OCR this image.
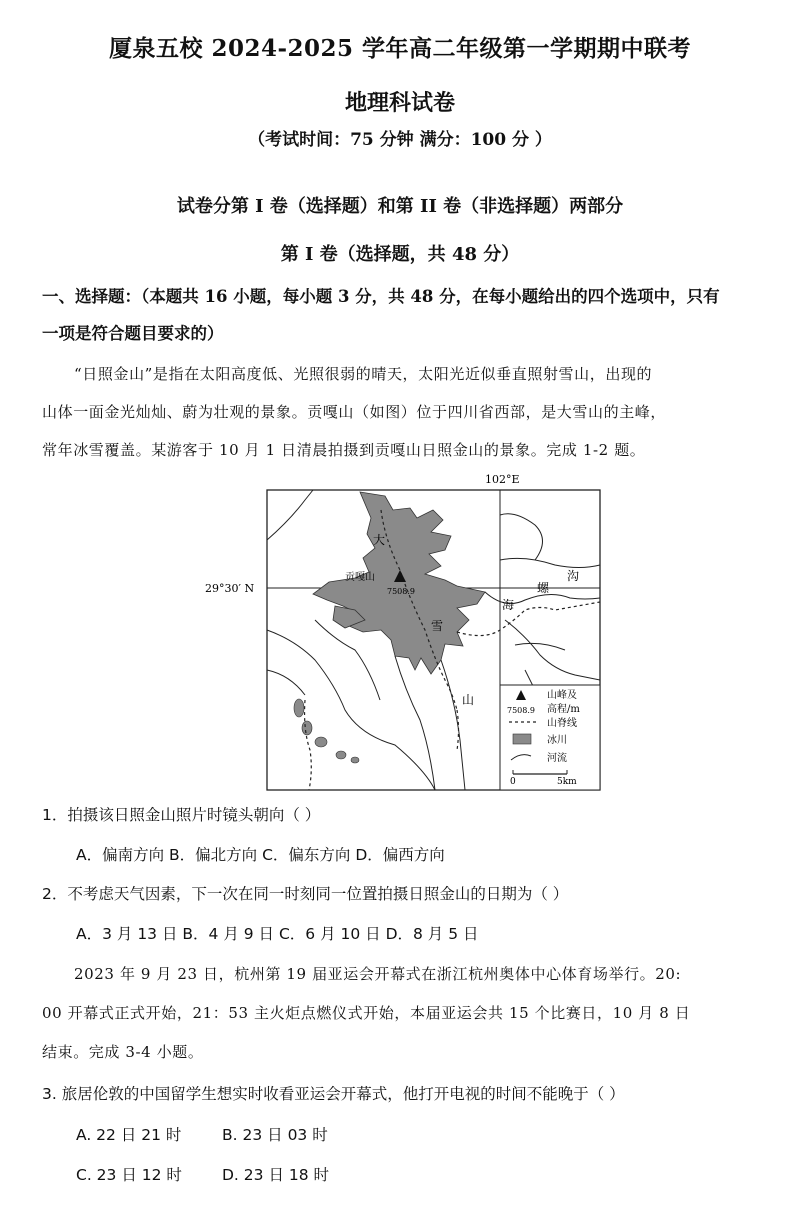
厦泉五校 2024-2025 学年高二年级第一学期期中联考
地理科试卷
（考试时间：75 分钟 满分：100 分 ）
试卷分第 I 卷（选择题）和第 II 卷（非选择题）两部分
第 I 卷（选择题，共 48 分）
一、选择题：（本题共 16 小题，每小题 3 分，共 48 分，在每小题给出的四个选项中，只有
一项是符合题目要求的）
“日照金山”是指在太阳高度低、光照很弱的晴天，太阳光近似垂直照射雪山，出现的
山体一面金光灿灿、蔚为壮观的景象。贡嘎山（如图）位于四川省西部，是大雪山的主峰，
常年冰雪覆盖。某游客于 10 月 1 日清晨拍摄到贡嘎山日照金山的景象。完成 1-2 题。
102°E
29°30′ N
贡嘎山
7508.9
大
雪
山
海
螺
沟
7508.9
山峰及
高程/m
山脊线
冰川
河流
0	5km
1．拍摄该日照金山照片时镜头朝向（ ）
A．偏南方向 B．偏北方向 C．偏东方向 D．偏西方向
2．不考虑天气因素，下一次在同一时刻同一位置拍摄日照金山的日期为（ ）
A．3 月 13 日 B．4 月 9 日 C．6 月 10 日 D．8 月 5 日
2023 年 9 月 23 日，杭州第 19 届亚运会开幕式在浙江杭州奥体中心体育场举行。20:
00 开幕式正式开始，21：53 主火炬点燃仪式开始，本届亚运会共 15 个比赛日，10 月 8 日
结束。完成 3-4 小题。
3. 旅居伦敦的中国留学生想实时收看亚运会开幕式，他打开电视的时间不能晚于（ ）
A. 22 日 21 时	B. 23 日 03 时
C. 23 日 12 时	D. 23 日 18 时
